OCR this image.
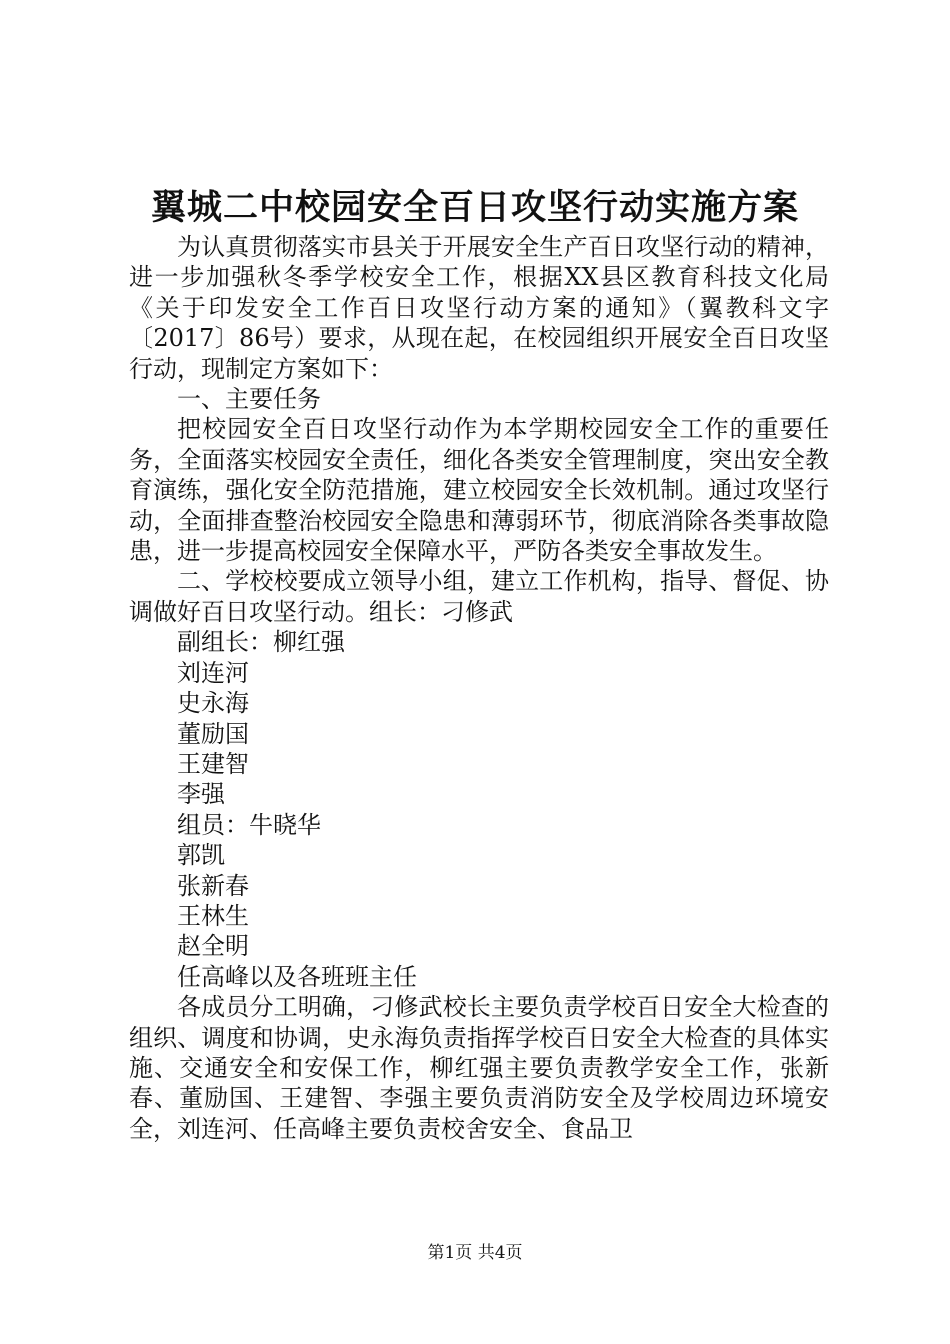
翼城二中校园安全百日攻坚行动实施方案

为认真贯彻落实市县关于开展安全生产百日攻坚行动的精神，进一步加强秋冬季学校安全工作，根据XX县区教育科技文化局《关于印发安全工作百日攻坚行动方案的通知》（翼教科文字〔2017〕86号）要求，从现在起，在校园组织开展安全百日攻坚行动，现制定方案如下：

一、主要任务

把校园安全百日攻坚行动作为本学期校园安全工作的重要任务，全面落实校园安全责任，细化各类安全管理制度，突出安全教育演练，强化安全防范措施，建立校园安全长效机制。通过攻坚行动，全面排查整治校园安全隐患和薄弱环节，彻底消除各类事故隐患，进一步提高校园安全保障水平，严防各类安全事故发生。

二、学校校要成立领导小组，建立工作机构，指导、督促、协调做好百日攻坚行动。组长：刁修武

副组长：柳红强

刘连河

史永海

董励国

王建智

李强

组员：牛晓华

郭凯

张新春

王林生

赵全明

任高峰以及各班班主任

各成员分工明确，刁修武校长主要负责学校百日安全大检查的组织、调度和协调，史永海负责指挥学校百日安全大检查的具体实施、交通安全和安保工作，柳红强主要负责教学安全工作，张新春、董励国、王建智、李强主要负责消防安全及学校周边环境安全，刘连河、任高峰主要负责校舍安全、食品卫

第1页 共4页
